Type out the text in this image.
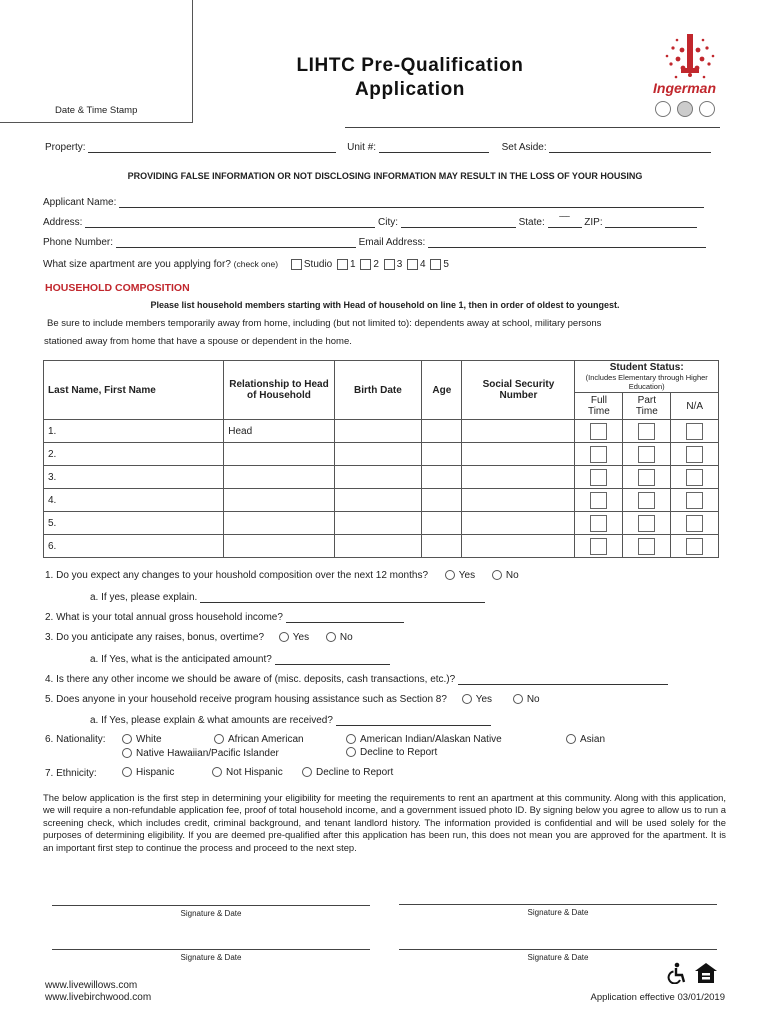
Date & Time Stamp
LIHTC Pre-Qualification
Application	Ingerman
Property:	Unit #:	Set Aside:
PROVIDING FALSE INFORMATION OR NOT DISCLOSING INFORMATION MAY RESULT IN THE LOSS OF YOUR HOUSING
Applicant Name:
Address:	City:	State: ‾‾‾ ZIP:
Phone Number:	Email Address:
What size apartment are you applying for? (check one)	Studio 1 2 3 4 5
HOUSEHOLD COMPOSITION
Please list household members starting with Head of household on line 1, then in order of oldest to youngest.
Be sure to include members temporarily away from home, including (but not limited to): dependents away at school, military persons
stationed away from home that have a spouse or dependent in the home.
Last Name, First Name	Relationship to Head of Household	Birth Date	Age	Social Security Number	Student Status:
(Includes Elementary through Higher Education)		

					Full Time	Part Time	N/A
1.	Head						
2.							
3.							
4.							
5.							
6.							
1. Do you expect any changes to your houshold composition over the next 12 months?	Yes	No
a. If yes, please explain.
2. What is your total annual gross household income?
3. Do you anticipate any raises, bonus, overtime?	Yes	No
a. If Yes, what is the anticipated amount?
4. Is there any other income we should be aware of (misc. deposits, cash transactions, etc.)?
5. Does anyone in your household receive program housing assistance such as Section 8?	Yes	No
a. If Yes, please explain & what amounts are received?
6. Nationality:	White	African American	American Indian/Alaskan Native	Asian
Native Hawaiian/Pacific Islander	Decline to Report
7. Ethnicity:	Hispanic	Not Hispanic	Decline to Report
The below application is the first step in determining your eligibility for meeting the requirements to rent an apartment at this community. Along with this application, we will require a non-refundable application fee, proof of total household income, and a government issued photo ID. By signing below you agree to allow us to run a screening check, which includes credit, criminal background, and tenant landlord history. The information provided is confidential and will be used solely for the purposes of determining eligibility. If you are deemed pre-qualified after this application has been run, this does not mean you are approved for the apartment. It is an important first step to continue the process and proceed to the next step.
Signature & Date	Signature & Date
Signature & Date	Signature & Date
www.livewillows.com
www.livebirchwood.com	Application effective 03/01/2019
